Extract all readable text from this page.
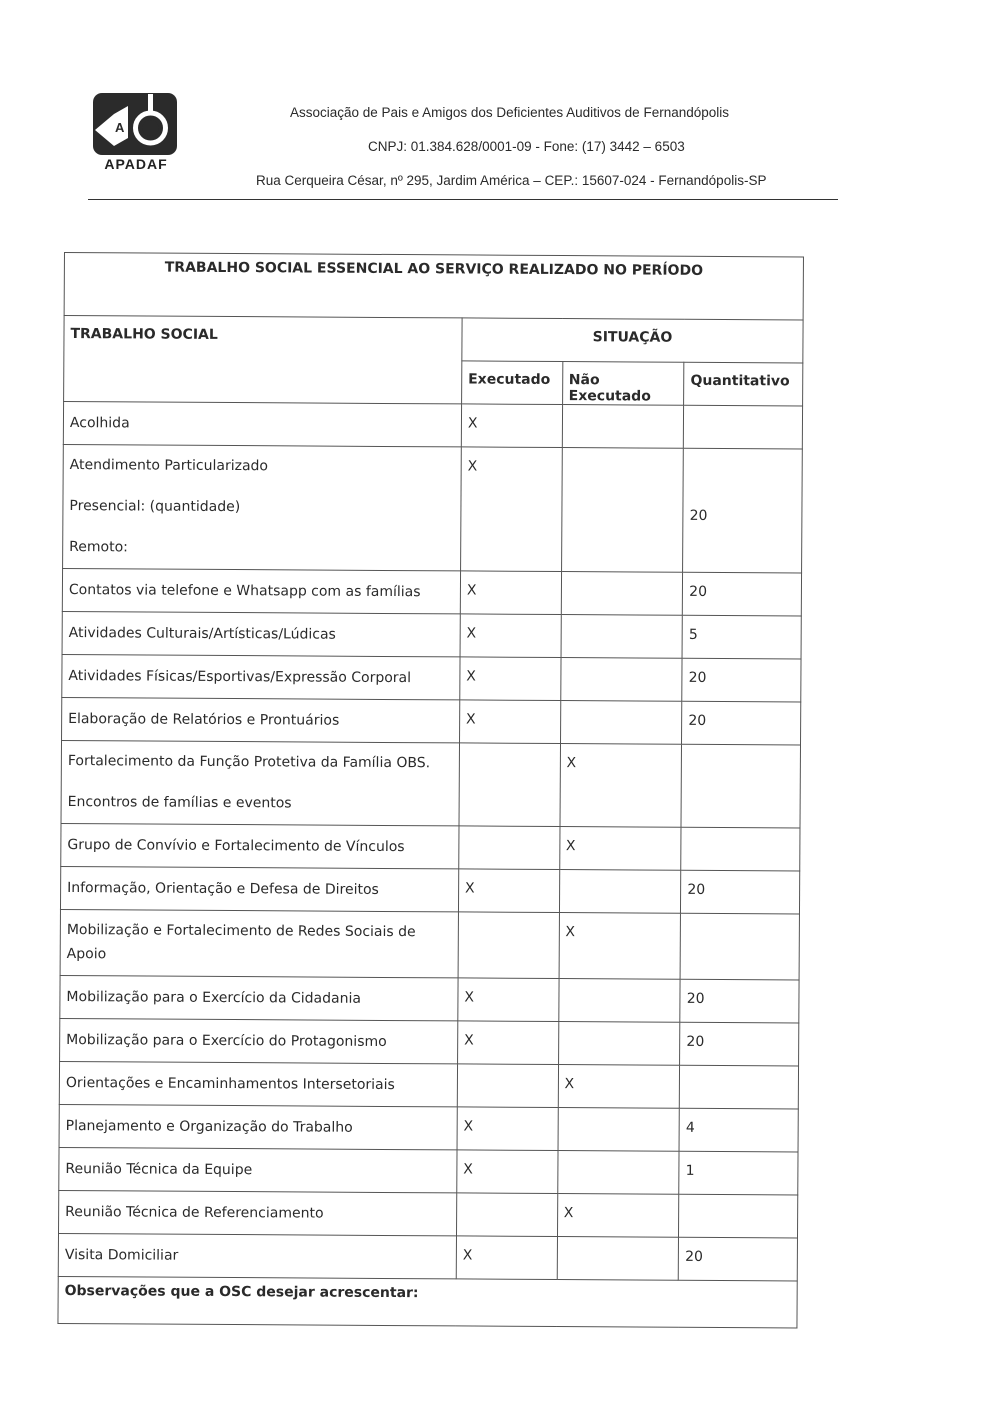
A
APADAF
Associação de Pais e Amigos dos Deficientes Auditivos de Fernandópolis
CNPJ: 01.384.628/0001-09 - Fone: (17) 3442 – 6503
Rua Cerqueira César, nº 295, Jardim América – CEP.: 15607-024 - Fernandópolis-SP
TRABALHO SOCIAL ESSENCIAL AO SERVIÇO REALIZADO NO PERÍODO			
TRABALHO SOCIAL	SITUAÇÃO		
	Executado	Não Executado	Quantitativo
Acolhida	X		

Atendimento Particularizado
Presencial: (quantidade)
Remoto:	X		20
Contatos via telefone e Whatsapp com as famílias	X		20
Atividades Culturais/Artísticas/Lúdicas	X		5
Atividades Físicas/Esportivas/Expressão Corporal	X		20
Elaboração de Relatórios e Prontuários	X		20

Fortalecimento da Função Protetiva da Família OBS.
Encontros de famílias e eventos		X	
Grupo de Convívio e Fortalecimento de Vínculos		X	
Informação, Orientação e Defesa de Direitos	X		20
Mobilização e Fortalecimento de Redes Sociais de Apoio		X	
Mobilização para o Exercício da Cidadania	X		20
Mobilização para o Exercício do Protagonismo	X		20
Orientações e Encaminhamentos Intersetoriais		X	
Planejamento e Organização do Trabalho	X		4
Reunião Técnica da Equipe	X		1
Reunião Técnica de Referenciamento		X	
Visita Domiciliar	X		20
Observações que a OSC desejar acrescentar:			
